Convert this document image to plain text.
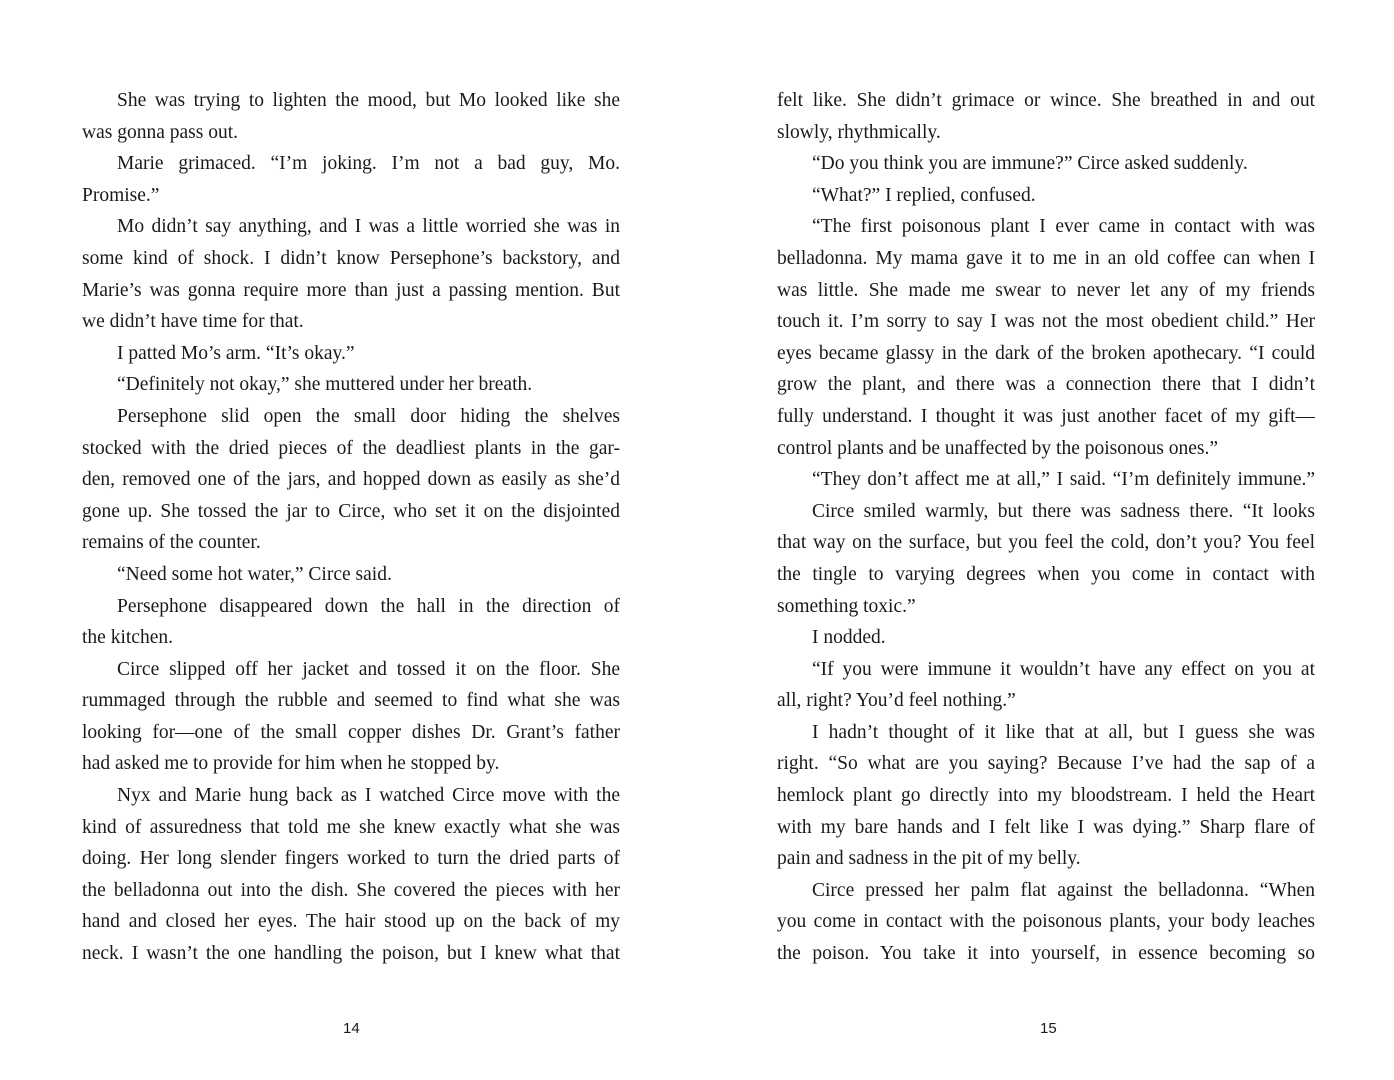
She was trying to lighten the mood, but Mo looked like she
was gonna pass out.
Marie grimaced. “I’m joking. I’m not a bad guy, Mo.
Promise.”
Mo didn’t say anything, and I was a little worried she was in
some kind of shock. I didn’t know Persephone’s backstory, and
Marie’s was gonna require more than just a passing mention. But
we didn’t have time for that.
I patted Mo’s arm. “It’s okay.”
“Definitely not okay,” she muttered under her breath.
Persephone slid open the small door hiding the shelves
stocked with the dried pieces of the deadliest plants in the gar-
den, removed one of the jars, and hopped down as easily as she’d
gone up. She tossed the jar to Circe, who set it on the disjointed
remains of the counter.
“Need some hot water,” Circe said.
Persephone disappeared down the hall in the direction of
the kitchen.
Circe slipped off her jacket and tossed it on the floor. She
rummaged through the rubble and seemed to find what she was
looking for—one of the small copper dishes Dr. Grant’s father
had asked me to provide for him when he stopped by.
Nyx and Marie hung back as I watched Circe move with the
kind of assuredness that told me she knew exactly what she was
doing. Her long slender fingers worked to turn the dried parts of
the belladonna out into the dish. She covered the pieces with her
hand and closed her eyes. The hair stood up on the back of my
neck. I wasn’t the one handling the poison, but I knew what that
14
felt like. She didn’t grimace or wince. She breathed in and out
slowly, rhythmically.
“Do you think you are immune?” Circe asked suddenly.
“What?” I replied, confused.
“The first poisonous plant I ever came in contact with was
belladonna. My mama gave it to me in an old coffee can when I
was little. She made me swear to never let any of my friends
touch it. I’m sorry to say I was not the most obedient child.” Her
eyes became glassy in the dark of the broken apothecary. “I could
grow the plant, and there was a connection there that I didn’t
fully understand. I thought it was just another facet of my gift—
control plants and be unaffected by the poisonous ones.”
“They don’t affect me at all,” I said. “I’m definitely immune.”
Circe smiled warmly, but there was sadness there. “It looks
that way on the surface, but you feel the cold, don’t you? You feel
the tingle to varying degrees when you come in contact with
something toxic.”
I nodded.
“If you were immune it wouldn’t have any effect on you at
all, right? You’d feel nothing.”
I hadn’t thought of it like that at all, but I guess she was
right. “So what are you saying? Because I’ve had the sap of a
hemlock plant go directly into my bloodstream. I held the Heart
with my bare hands and I felt like I was dying.” Sharp flare of
pain and sadness in the pit of my belly.
Circe pressed her palm flat against the belladonna. “When
you come in contact with the poisonous plants, your body leaches
the poison. You take it into yourself, in essence becoming so
15
